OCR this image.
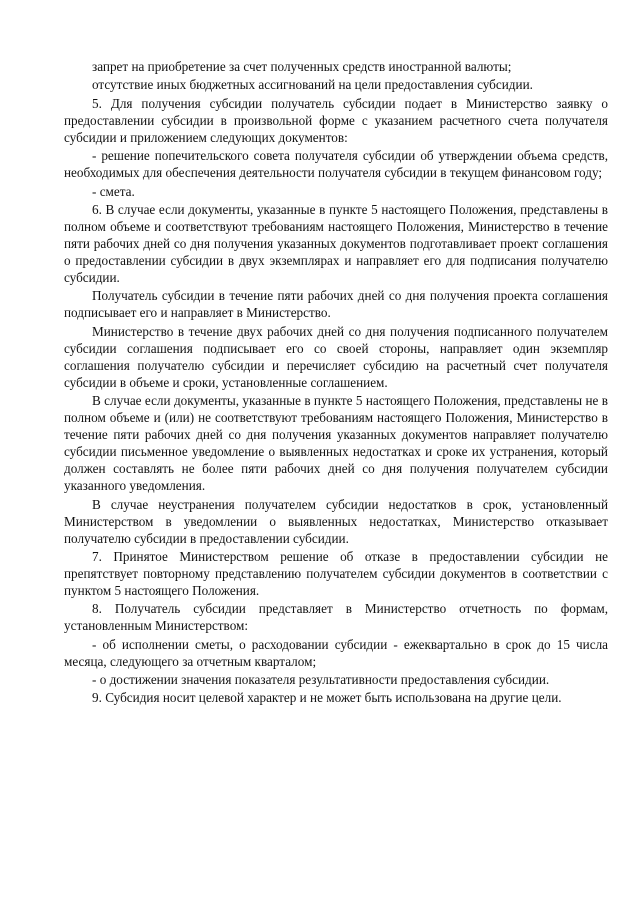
запрет на приобретение за счет полученных средств иностранной валюты;

отсутствие иных бюджетных ассигнований на цели предоставления субсидии.

5. Для получения субсидии получатель субсидии подает в Министерство заявку о предоставлении субсидии в произвольной форме с указанием расчетного счета получателя субсидии и приложением следующих документов:

- решение попечительского совета получателя субсидии об утверждении объема средств, необходимых для обеспечения деятельности получателя субсидии в текущем финансовом году;

- смета.

6. В случае если документы, указанные в пункте 5 настоящего Положения, представлены в полном объеме и соответствуют требованиям настоящего Положения, Министерство в течение пяти рабочих дней со дня получения указанных документов подготавливает проект соглашения о предоставлении субсидии в двух экземплярах и направляет его для подписания получателю субсидии.

Получатель субсидии в течение пяти рабочих дней со дня получения проекта соглашения подписывает его и направляет в Министерство.

Министерство в течение двух рабочих дней со дня получения подписанного получателем субсидии соглашения подписывает его со своей стороны, направляет один экземпляр соглашения получателю субсидии и перечисляет субсидию на расчетный счет получателя субсидии в объеме и сроки, установленные соглашением.

В случае если документы, указанные в пункте 5 настоящего Положения, представлены не в полном объеме и (или) не соответствуют требованиям настоящего Положения, Министерство в течение пяти рабочих дней со дня получения указанных документов направляет получателю субсидии письменное уведомление о выявленных недостатках и сроке их устранения, который должен составлять не более пяти рабочих дней со дня получения получателем субсидии указанного уведомления.

В случае неустранения получателем субсидии недостатков в срок, установленный Министерством в уведомлении о выявленных недостатках, Министерство отказывает получателю субсидии в предоставлении субсидии.

7. Принятое Министерством решение об отказе в предоставлении субсидии не препятствует повторному представлению получателем субсидии документов в соответствии с пунктом 5 настоящего Положения.

8. Получатель субсидии представляет в Министерство отчетность по формам, установленным Министерством:

- об исполнении сметы, о расходовании субсидии - ежеквартально в срок до 15 числа месяца, следующего за отчетным кварталом;

- о достижении значения показателя результативности предоставления субсидии.

9. Субсидия носит целевой характер и не может быть использована на другие цели.
